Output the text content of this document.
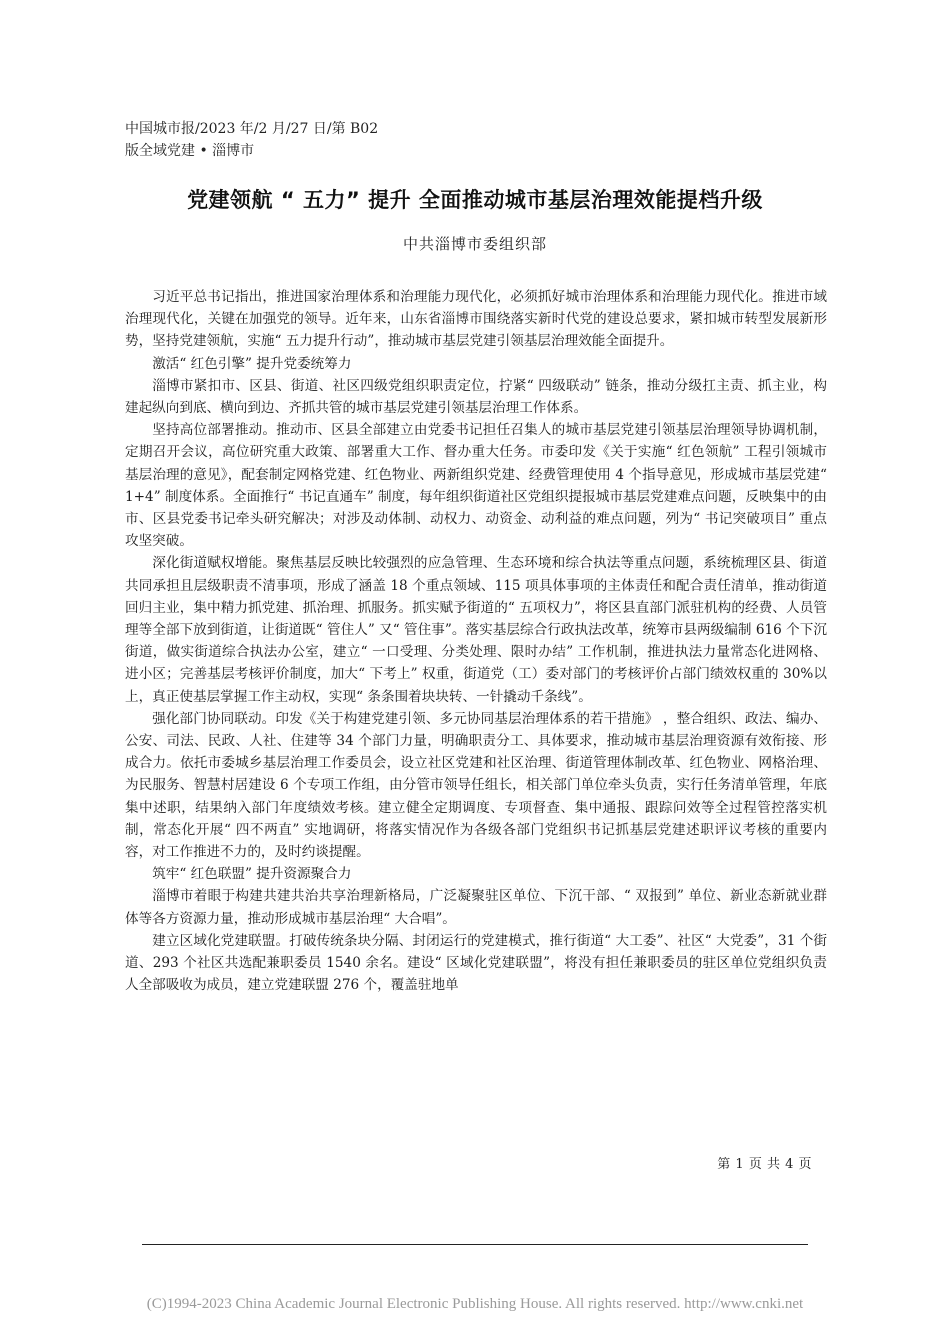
中国城市报/2023 年/2 月/27 日/第 B02
版全域党建 • 淄博市
党建领航 “ 五力” 提升 全面推动城市基层治理效能提档升级
中共淄博市委组织部

习近平总书记指出，推进国家治理体系和治理能力现代化，必须抓好城市治理体系和治理能力现代化。推进市域治理现代化，关键在加强党的领导。近年来，山东省淄博市围绕落实新时代党的建设总要求，紧扣城市转型发展新形势，坚持党建领航，实施“ 五力提升行动”，推动城市基层党建引领基层治理效能全面提升。

激活“ 红色引擎” 提升党委统筹力

淄博市紧扣市、区县、街道、社区四级党组织职责定位，拧紧“ 四级联动” 链条，推动分级扛主责、抓主业，构建起纵向到底、横向到边、齐抓共管的城市基层党建引领基层治理工作体系。

坚持高位部署推动。推动市、区县全部建立由党委书记担任召集人的城市基层党建引领基层治理领导协调机制，定期召开会议，高位研究重大政策、部署重大工作、督办重大任务。市委印发《关于实施“ 红色领航” 工程引领城市基层治理的意见》，配套制定网格党建、红色物业、两新组织党建、经费管理使用 4 个指导意见，形成城市基层党建“ 1+4” 制度体系。全面推行“ 书记直通车” 制度，每年组织街道社区党组织提报城市基层党建难点问题，反映集中的由市、区县党委书记牵头研究解决；对涉及动体制、动权力、动资金、动利益的难点问题，列为“ 书记突破项目” 重点攻坚突破。

深化街道赋权增能。聚焦基层反映比较强烈的应急管理、生态环境和综合执法等重点问题，系统梳理区县、街道共同承担且层级职责不清事项，形成了涵盖 18 个重点领域、115 项具体事项的主体责任和配合责任清单，推动街道回归主业，集中精力抓党建、抓治理、抓服务。抓实赋予街道的“ 五项权力”，将区县直部门派驻机构的经费、人员管理等全部下放到街道，让街道既“ 管住人” 又“ 管住事”。落实基层综合行政执法改革，统筹市县两级编制 616 个下沉街道，做实街道综合执法办公室，建立“ 一口受理、分类处理、限时办结” 工作机制，推进执法力量常态化进网格、进小区；完善基层考核评价制度，加大“ 下考上” 权重，街道党（工）委对部门的考核评价占部门绩效权重的 30%以上，真正使基层掌握工作主动权，实现“ 条条围着块块转、一针撬动千条线”。

强化部门协同联动。印发《关于构建党建引领、多元协同基层治理体系的若干措施》 ，整合组织、政法、编办、公安、司法、民政、人社、住建等 34 个部门力量，明确职责分工、具体要求，推动城市基层治理资源有效衔接、形成合力。依托市委城乡基层治理工作委员会，设立社区党建和社区治理、街道管理体制改革、红色物业、网格治理、为民服务、智慧村居建设 6 个专项工作组，由分管市领导任组长，相关部门单位牵头负责，实行任务清单管理，年底集中述职，结果纳入部门年度绩效考核。建立健全定期调度、专项督查、集中通报、跟踪问效等全过程管控落实机制，常态化开展“ 四不两直” 实地调研，将落实情况作为各级各部门党组织书记抓基层党建述职评议考核的重要内容，对工作推进不力的，及时约谈提醒。

筑牢“ 红色联盟” 提升资源聚合力

淄博市着眼于构建共建共治共享治理新格局，广泛凝聚驻区单位、下沉干部、“ 双报到” 单位、新业态新就业群体等各方资源力量，推动形成城市基层治理“ 大合唱”。

建立区域化党建联盟。打破传统条块分隔、封闭运行的党建模式，推行街道“ 大工委”、社区“ 大党委”，31 个街道、293 个社区共选配兼职委员 1540 余名。建设“ 区域化党建联盟”，将没有担任兼职委员的驻区单位党组织负责人全部吸收为成员，建立党建联盟 276 个，覆盖驻地单

第 1 页 共 4 页
(C)1994-2023 China Academic Journal Electronic Publishing House. All rights reserved. http://www.cnki.net
